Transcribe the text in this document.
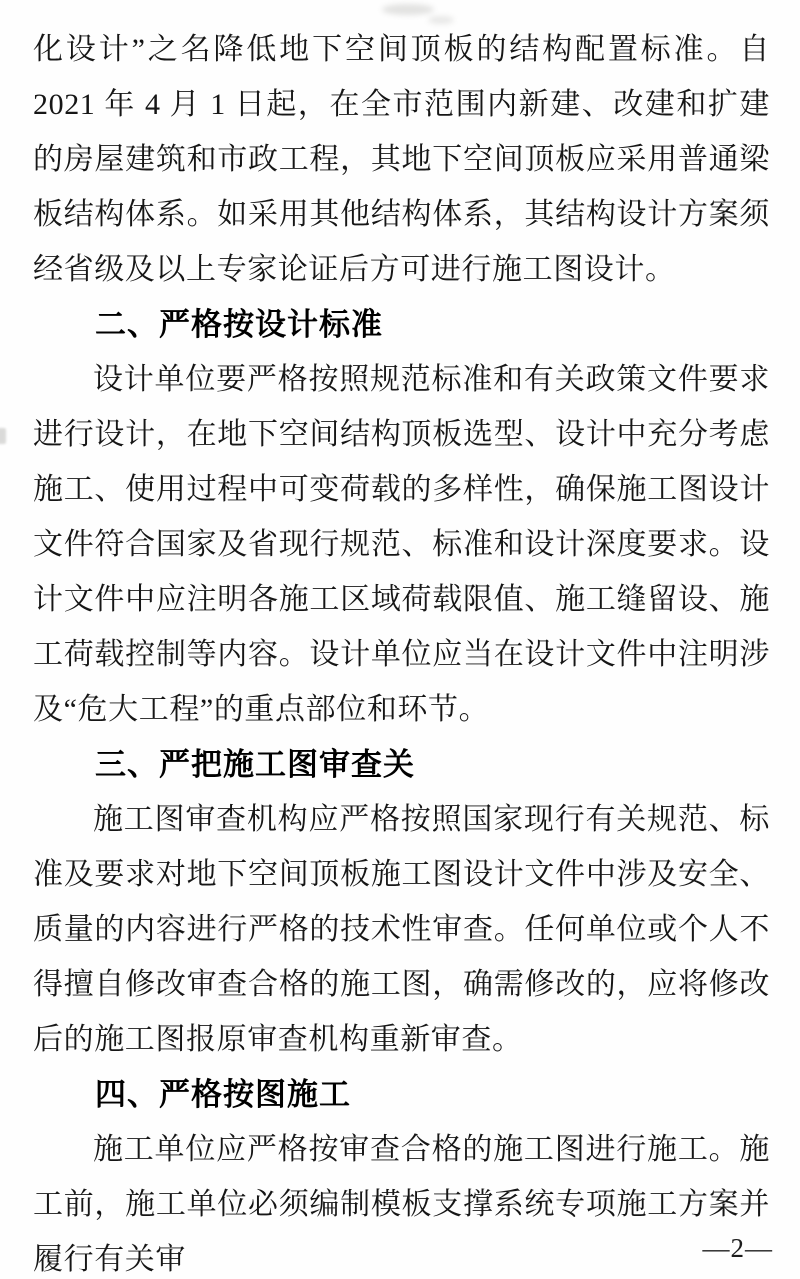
化设计”之名降低地下空间顶板的结构配置标准。自 2021 年 4 月 1 日起，在全市范围内新建、改建和扩建的房屋建筑和市政工程，其地下空间顶板应采用普通梁板结构体系。如采用其他结构体系，其结构设计方案须经省级及以上专家论证后方可进行施工图设计。

二、严格按设计标准

设计单位要严格按照规范标准和有关政策文件要求进行设计，在地下空间结构顶板选型、设计中充分考虑施工、使用过程中可变荷载的多样性，确保施工图设计文件符合国家及省现行规范、标准和设计深度要求。设计文件中应注明各施工区域荷载限值、施工缝留设、施工荷载控制等内容。设计单位应当在设计文件中注明涉及“危大工程”的重点部位和环节。

三、严把施工图审查关

施工图审查机构应严格按照国家现行有关规范、标准及要求对地下空间顶板施工图设计文件中涉及安全、质量的内容进行严格的技术性审查。任何单位或个人不得擅自修改审查合格的施工图，确需修改的，应将修改后的施工图报原审查机构重新审查。

四、严格按图施工

施工单位应严格按审查合格的施工图进行施工。施工前，施工单位必须编制模板支撑系统专项施工方案并履行有关审	—2—
